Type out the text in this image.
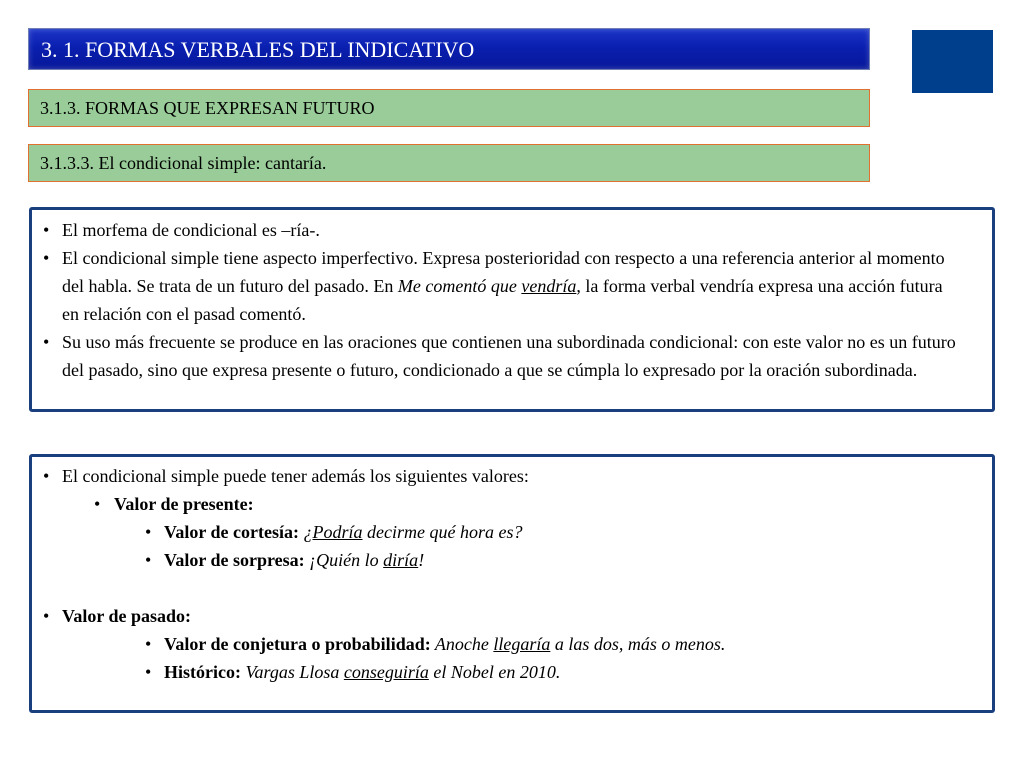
3. 1. FORMAS VERBALES DEL INDICATIVO
3.1.3. FORMAS QUE EXPRESAN FUTURO
3.1.3.3. El condicional simple: cantaría.
• El morfema de condicional es –ría-.
• El condicional simple tiene aspecto imperfectivo. Expresa posterioridad con respecto a una referencia anterior al momento del habla. Se trata de un futuro del pasado. En Me comentó que vendría, la forma verbal vendría expresa una acción futura en relación con el pasad comentó.
• Su uso más frecuente se produce en las oraciones que contienen una subordinada condicional: con este valor no es un futuro del pasado, sino que expresa presente o futuro, condicionado a que se cúmpla lo expresado por la oración subordinada.
• El condicional simple puede tener además los siguientes valores:
• Valor de presente:
• Valor de cortesía: ¿Podría decirme qué hora es?
• Valor de sorpresa: ¡Quién lo diría!
• Valor de pasado:
• Valor de conjetura o probabilidad: Anoche llegaría a las dos, más o menos.
• Histórico: Vargas Llosa conseguiría el Nobel en 2010.
